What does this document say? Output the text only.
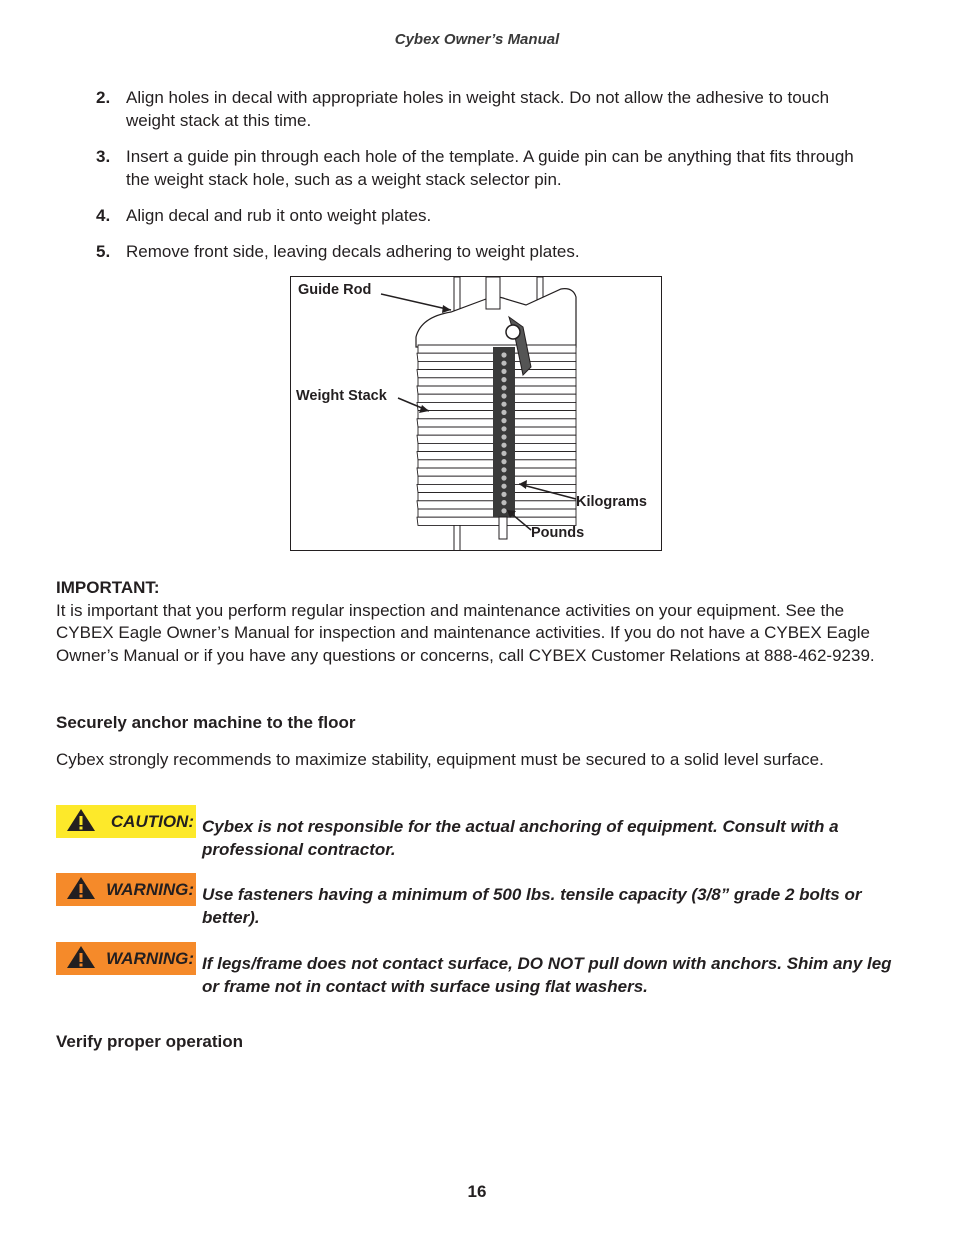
Cybex Owner’s Manual
2. Align holes in decal with appropriate holes in weight stack. Do not allow the adhesive to touch weight stack at this time.
3. Insert a guide pin through each hole of the template. A guide pin can be anything that fits through the weight stack hole, such as a weight stack selector pin.
4. Align decal and rub it onto weight plates.
5. Remove front side, leaving decals adhering to weight plates.
Guide Rod
Weight Stack
Kilograms
Pounds
IMPORTANT:
It is important that you perform regular inspection and maintenance activities on your equipment. See the CYBEX Eagle Owner’s Manual for inspection and maintenance activities. If you do not have a CYBEX Eagle Owner’s Manual or if you have any questions or concerns, call CYBEX Customer Relations at 888-462-9239.
Securely anchor machine to the floor
Cybex strongly recommends to maximize stability, equipment must be secured to a solid level surface.
CAUTION: Cybex is not responsible for the actual anchoring of equipment. Consult with a professional contractor.
WARNING: Use fasteners having a minimum of 500 lbs. tensile capacity (3/8” grade 2 bolts or better).
WARNING: If legs/frame does not contact surface, DO NOT pull down with anchors. Shim any leg or frame not in contact with surface using flat washers.
Verify proper operation
16
